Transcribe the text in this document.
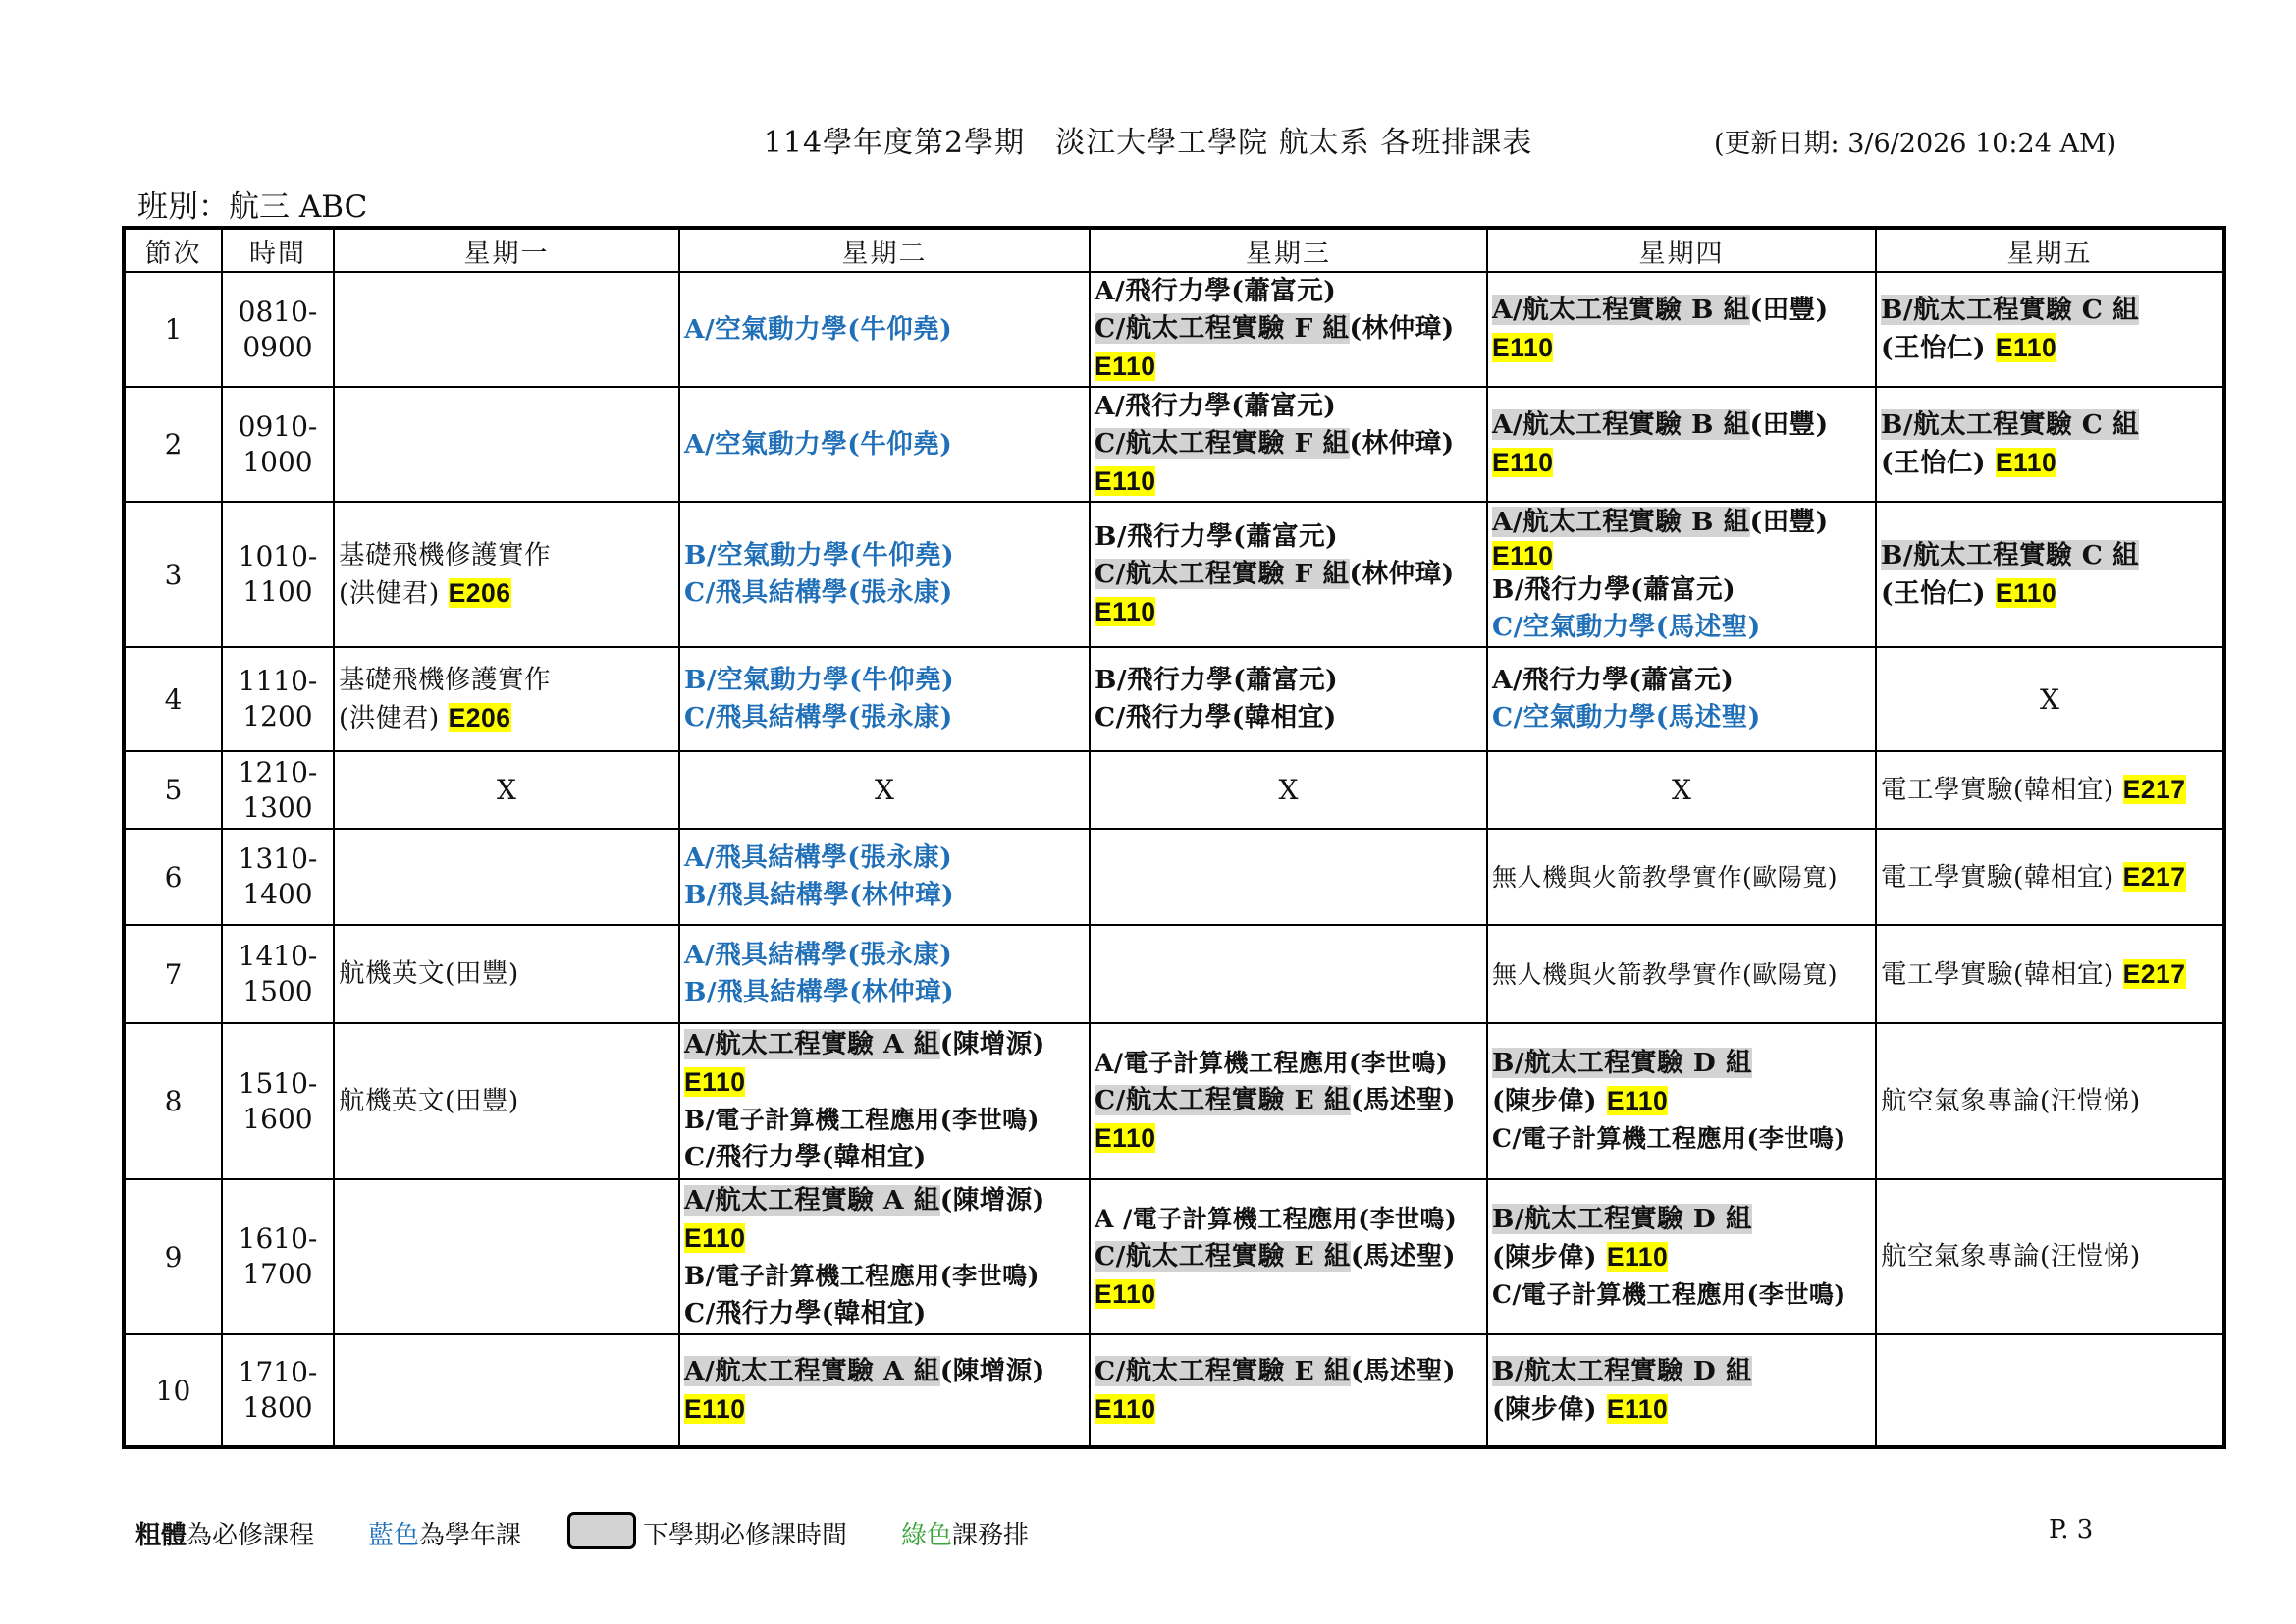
114學年度第2學期　淡江大學工學院 航太系 各班排課表	(更新日期: 3/6/2026 10:24 AM)
班別：航三 ABC
節次	時間	星期一	星期二	星期三	星期四	星期五
1	0810-
0900		A/空氣動力學(牛仰堯)	A/飛行力學(蕭富元)
C/航太工程實驗 F 組(林仲璋)
E110	A/航太工程實驗 B 組(田豐)
E110	B/航太工程實驗 C 組
(王怡仁) E110

2	0910-
1000		A/空氣動力學(牛仰堯)	A/飛行力學(蕭富元)
C/航太工程實驗 F 組(林仲璋)
E110	A/航太工程實驗 B 組(田豐)
E110	B/航太工程實驗 C 組
(王怡仁) E110

3	1010-
1100	基礎飛機修護實作
(洪健君) E206	B/空氣動力學(牛仰堯)
C/飛具結構學(張永康)	B/飛行力學(蕭富元)
C/航太工程實驗 F 組(林仲璋)
E110	A/航太工程實驗 B 組(田豐)
E110
B/飛行力學(蕭富元)
C/空氣動力學(馬述聖)	B/航太工程實驗 C 組
(王怡仁) E110

4	1110-
1200	基礎飛機修護實作
(洪健君) E206	B/空氣動力學(牛仰堯)
C/飛具結構學(張永康)	B/飛行力學(蕭富元)
C/飛行力學(韓相宜)	A/飛行力學(蕭富元)
C/空氣動力學(馬述聖)	X
5	1210-
1300	X	X	X	X	電工學實驗(韓相宜) E217

6	1310-
1400		A/飛具結構學(張永康)
B/飛具結構學(林仲璋)		無人機與火箭教學實作(歐陽寬)	電工學實驗(韓相宜) E217

7	1410-
1500	航機英文(田豐)	A/飛具結構學(張永康)
B/飛具結構學(林仲璋)		無人機與火箭教學實作(歐陽寬)	電工學實驗(韓相宜) E217

8	1510-
1600	航機英文(田豐)	A/航太工程實驗 A 組(陳增源)
E110
B/電子計算機工程應用(李世鳴)
C/飛行力學(韓相宜)	A/電子計算機工程應用(李世鳴)
C/航太工程實驗 E 組(馬述聖)
E110	B/航太工程實驗 D 組
(陳步偉) E110
C/電子計算機工程應用(李世鳴)	航空氣象專論(汪愷悌)

9	1610-
1700		A/航太工程實驗 A 組(陳增源)
E110
B/電子計算機工程應用(李世鳴)
C/飛行力學(韓相宜)	A /電子計算機工程應用(李世鳴)
C/航太工程實驗 E 組(馬述聖)
E110	B/航太工程實驗 D 組
(陳步偉) E110
C/電子計算機工程應用(李世鳴)	航空氣象專論(汪愷悌)

10	1710-
1800		A/航太工程實驗 A 組(陳增源)
E110	C/航太工程實驗 E 組(馬述聖)
E110	B/航太工程實驗 D 組
(陳步偉) E110	

粗體為必修課程 藍色為學年課	下學期必修課時間 綠色課務排	P. 3
